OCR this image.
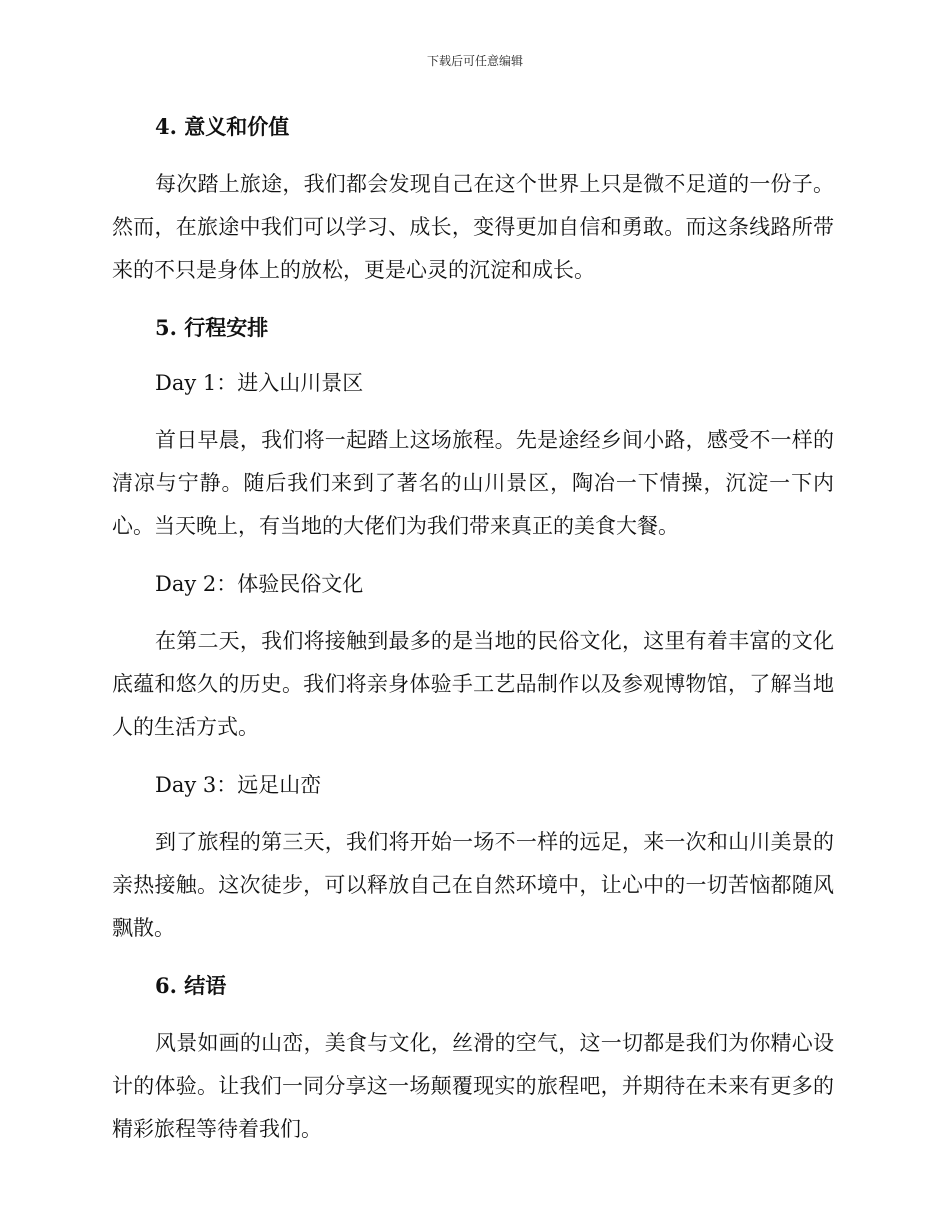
下载后可任意编辑
4. 意义和价值

每次踏上旅途，我们都会发现自己在这个世界上只是微不足道的一份子。然而，在旅途中我们可以学习、成长，变得更加自信和勇敢。而这条线路所带来的不只是身体上的放松，更是心灵的沉淀和成长。

5. 行程安排
Day 1：进入山川景区

首日早晨，我们将一起踏上这场旅程。先是途经乡间小路，感受不一样的清凉与宁静。随后我们来到了著名的山川景区，陶冶一下情操，沉淀一下内心。当天晚上，有当地的大佬们为我们带来真正的美食大餐。

Day 2：体验民俗文化

在第二天，我们将接触到最多的是当地的民俗文化，这里有着丰富的文化底蕴和悠久的历史。我们将亲身体验手工艺品制作以及参观博物馆，了解当地人的生活方式。

Day 3：远足山峦

到了旅程的第三天，我们将开始一场不一样的远足，来一次和山川美景的亲热接触。这次徒步，可以释放自己在自然环境中，让心中的一切苦恼都随风飘散。

6. 结语

风景如画的山峦，美食与文化，丝滑的空气，这一切都是我们为你精心设计的体验。让我们一同分享这一场颠覆现实的旅程吧，并期待在未来有更多的精彩旅程等待着我们。
